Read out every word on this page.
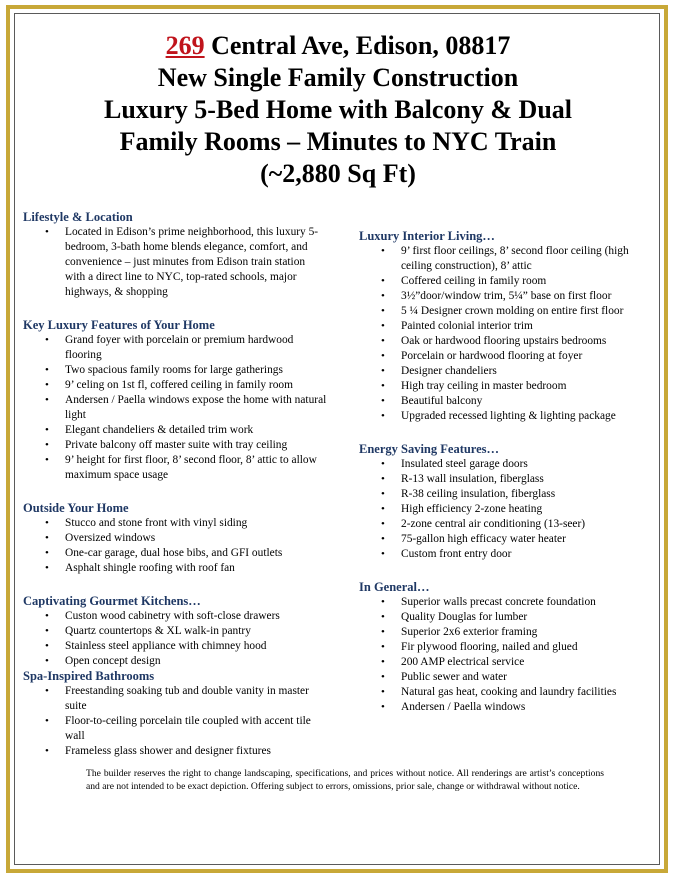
269 Central Ave, Edison, 08817
New Single Family Construction
Luxury 5-Bed Home with Balcony & Dual
Family Rooms – Minutes to NYC Train
(~2,880 Sq Ft)
Lifestyle & Location
• Located in Edison’s prime neighborhood, this luxury 5-bedroom, 3-bath home blends elegance, comfort, and convenience – just minutes from Edison train station with a direct line to NYC, top-rated schools, major highways, & shopping
Key Luxury Features of Your Home
• Grand foyer with porcelain or premium hardwood flooring
• Two spacious family rooms for large gatherings
• 9’ celing on 1st fl, coffered ceiling in family room
• Andersen / Paella windows expose the home with natural light
• Elegant chandeliers & detailed trim work
• Private balcony off master suite with tray ceiling
• 9’ height for first floor, 8’ second floor, 8’ attic to allow maximum space usage
Outside Your Home
• Stucco and stone front with vinyl siding
• Oversized windows
• One-car garage, dual hose bibs, and GFI outlets
• Asphalt shingle roofing with roof fan
Captivating Gourmet Kitchens…
• Custon wood cabinetry with soft-close drawers
• Quartz countertops & XL walk-in pantry
• Stainless steel appliance with chimney hood
• Open concept design
Spa-Inspired Bathrooms
• Freestanding soaking tub and double vanity in master suite
• Floor-to-ceiling porcelain tile coupled with accent tile wall
• Frameless glass shower and designer fixtures
Luxury Interior Living…
• 9’ first floor ceilings, 8’ second floor ceiling (high ceiling construction), 8’ attic
• Coffered ceiling in family room
• 3½”door/window trim, 5¼” base on first floor
• 5 ¼ Designer crown molding on entire first floor
• Painted colonial interior trim
• Oak or hardwood flooring upstairs bedrooms
• Porcelain or hardwood flooring at foyer
• Designer chandeliers
• High tray ceiling in master bedroom
• Beautiful balcony
• Upgraded recessed lighting & lighting package
Energy Saving Features…
• Insulated steel garage doors
• R-13 wall insulation, fiberglass
• R-38 ceiling insulation, fiberglass
• High efficiency 2-zone heating
• 2-zone central air conditioning (13-seer)
• 75-gallon high efficacy water heater
• Custom front entry door
In General…
• Superior walls precast concrete foundation
• Quality Douglas for lumber
• Superior 2x6 exterior framing
• Fir plywood flooring, nailed and glued
• 200 AMP electrical service
• Public sewer and water
• Natural gas heat, cooking and laundry facilities
• Andersen / Paella windows
The builder reserves the right to change landscaping, specifications, and prices without notice. All renderings are artist’s conceptions and are not intended to be exact depiction. Offering subject to errors, omissions, prior sale, change or withdrawal without notice.
